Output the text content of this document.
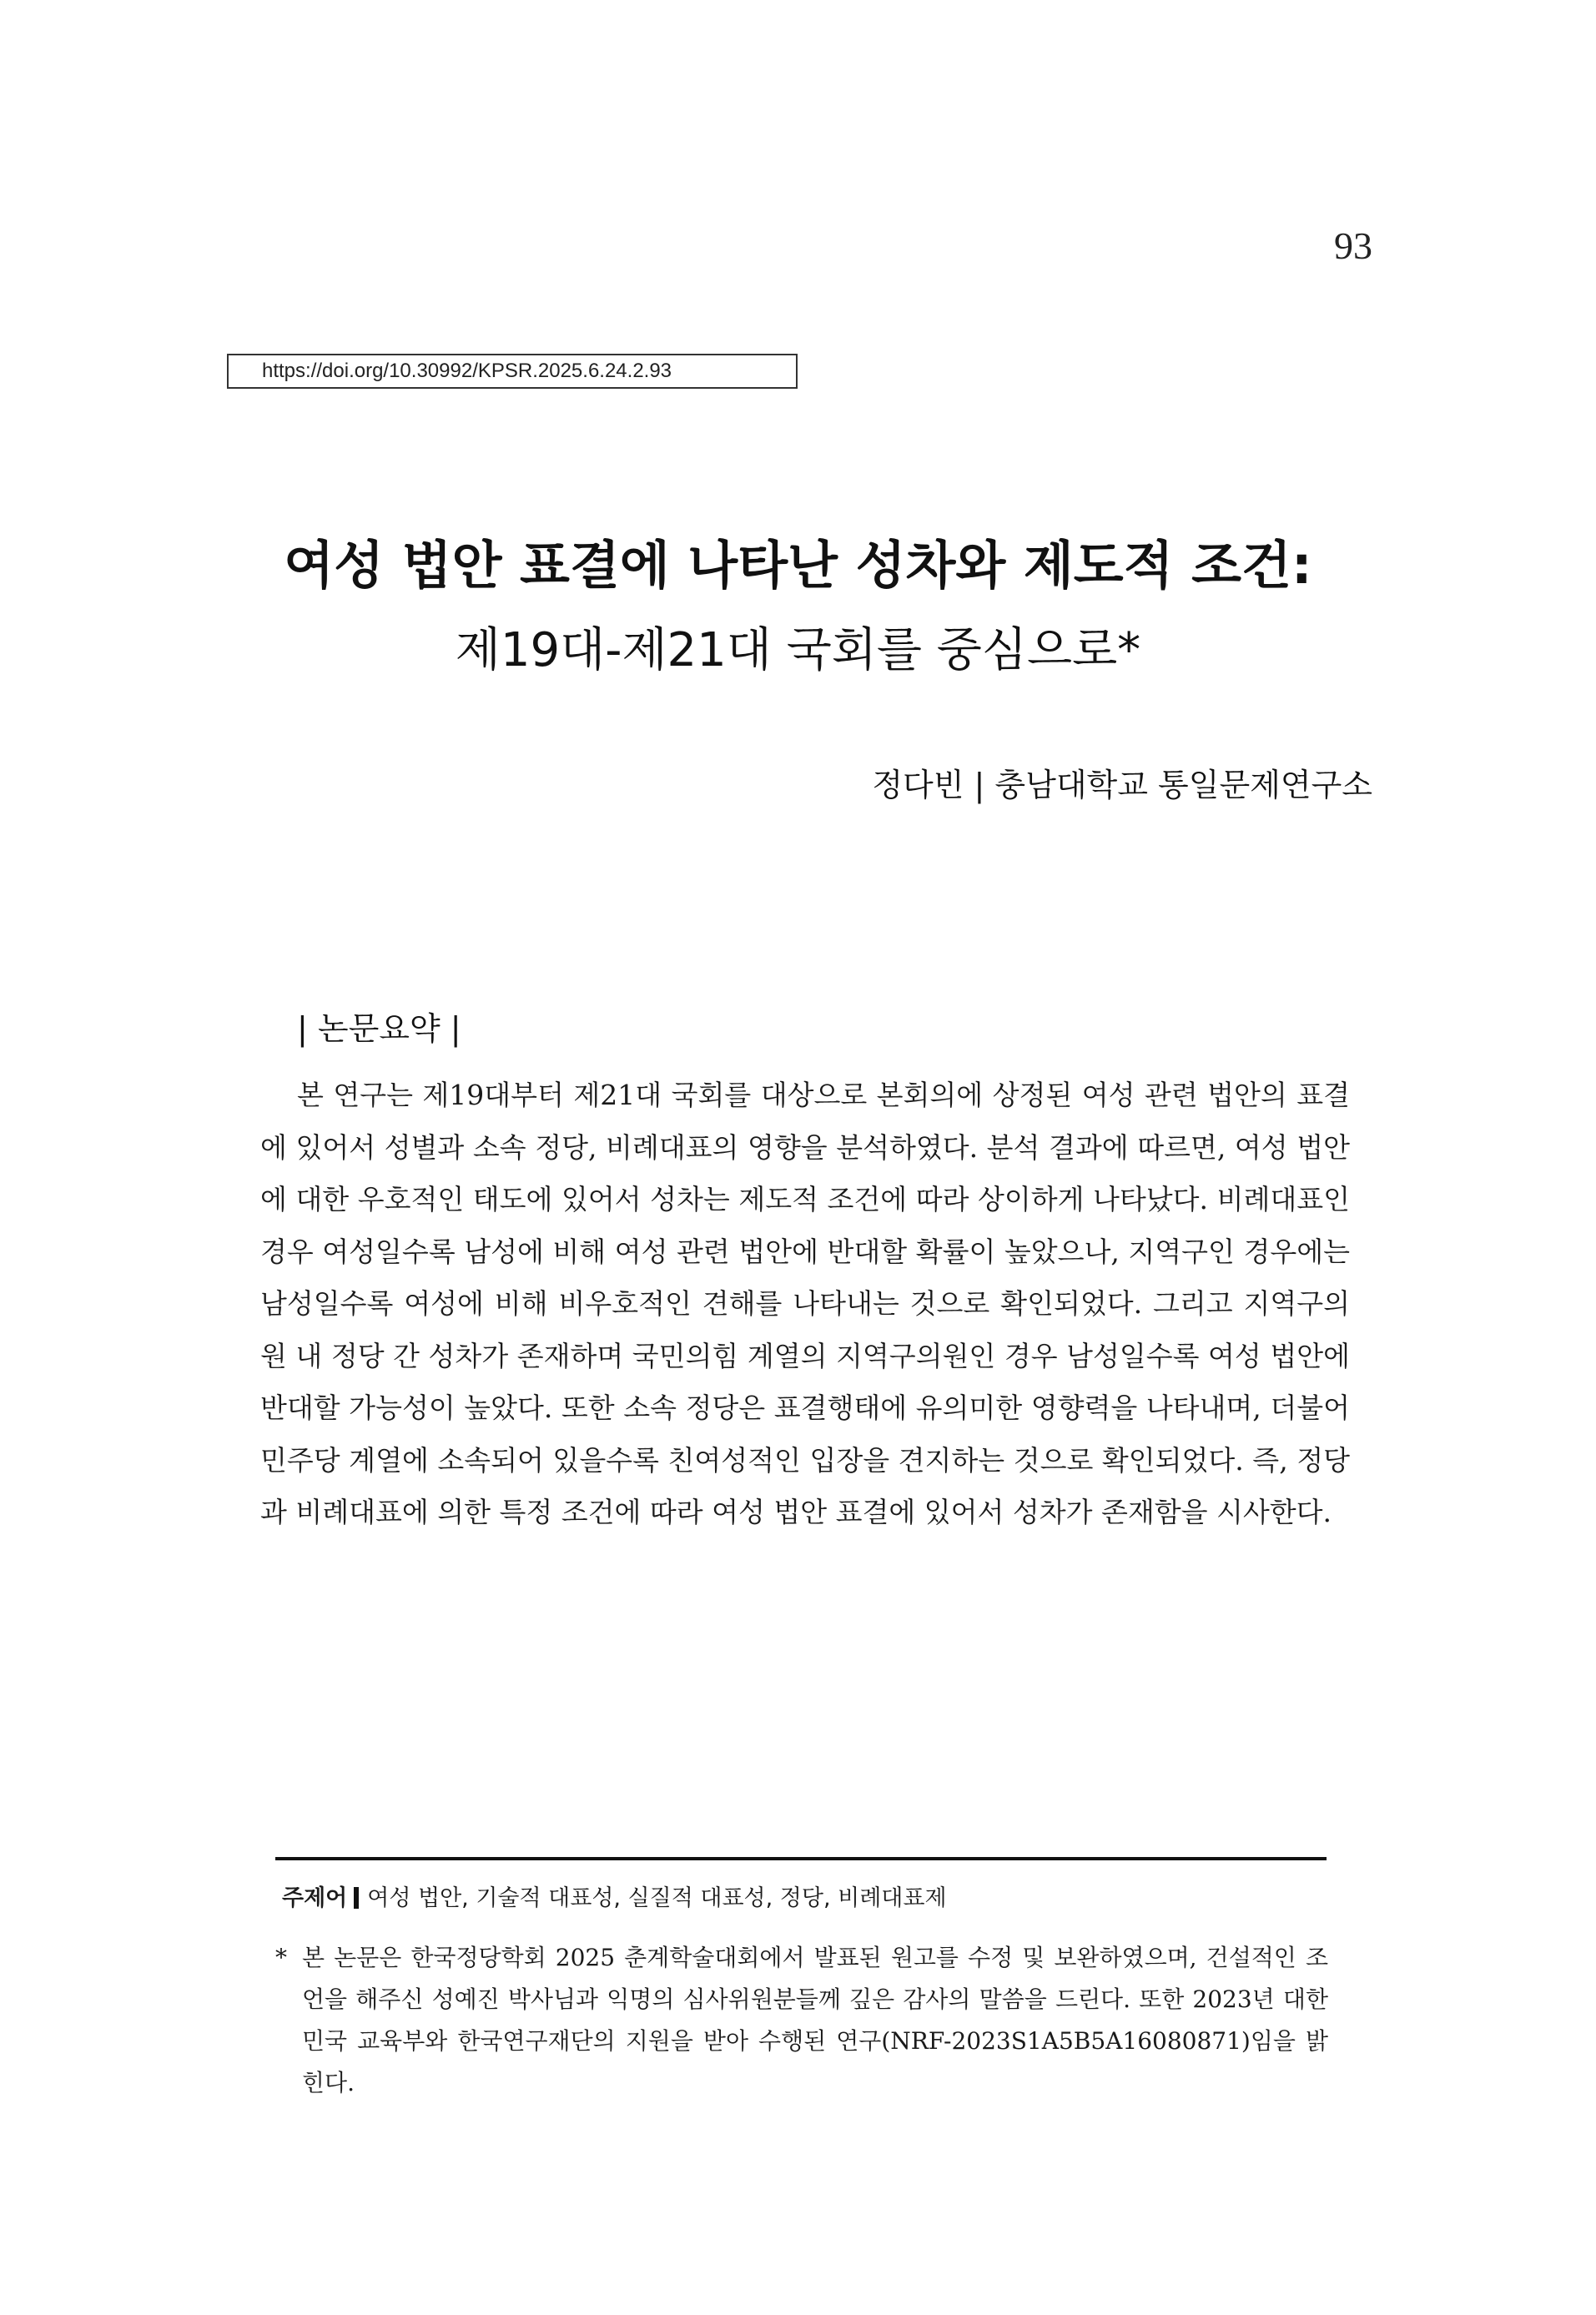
93
https://doi.org/10.30992/KPSR.2025.6.24.2.93
여성 법안 표결에 나타난 성차와 제도적 조건:
제19대-제21대 국회를 중심으로*
정다빈 | 충남대학교 통일문제연구소
| 논문요약 |

본 연구는 제19대부터 제21대 국회를 대상으로 본회의에 상정된 여성 관련 법안의 표결에 있어서 성별과 소속 정당, 비례대표의 영향을 분석하였다. 분석 결과에 따르면, 여성 법안에 대한 우호적인 태도에 있어서 성차는 제도적 조건에 따라 상이하게 나타났다. 비례대표인 경우 여성일수록 남성에 비해 여성 관련 법안에 반대할 확률이 높았으나, 지역구인 경우에는 남성일수록 여성에 비해 비우호적인 견해를 나타내는 것으로 확인되었다. 그리고 지역구의원 내 정당 간 성차가 존재하며 국민의힘 계열의 지역구의원인 경우 남성일수록 여성 법안에 반대할 가능성이 높았다. 또한 소속 정당은 표결행태에 유의미한 영향력을 나타내며, 더불어민주당 계열에 소속되어 있을수록 친여성적인 입장을 견지하는 것으로 확인되었다. 즉, 정당과 비례대표에 의한 특정 조건에 따라 여성 법안 표결에 있어서 성차가 존재함을 시사한다.

주제어 여성 법안, 기술적 대표성, 실질적 대표성, 정당, 비례대표제
* 본 논문은 한국정당학회 2025 춘계학술대회에서 발표된 원고를 수정 및 보완하였으며, 건설적인 조언을 해주신 성예진 박사님과 익명의 심사위원분들께 깊은 감사의 말씀을 드린다. 또한 2023년 대한민국 교육부와 한국연구재단의 지원을 받아 수행된 연구(NRF-2023S1A5B5A16080871)임을 밝힌다.
